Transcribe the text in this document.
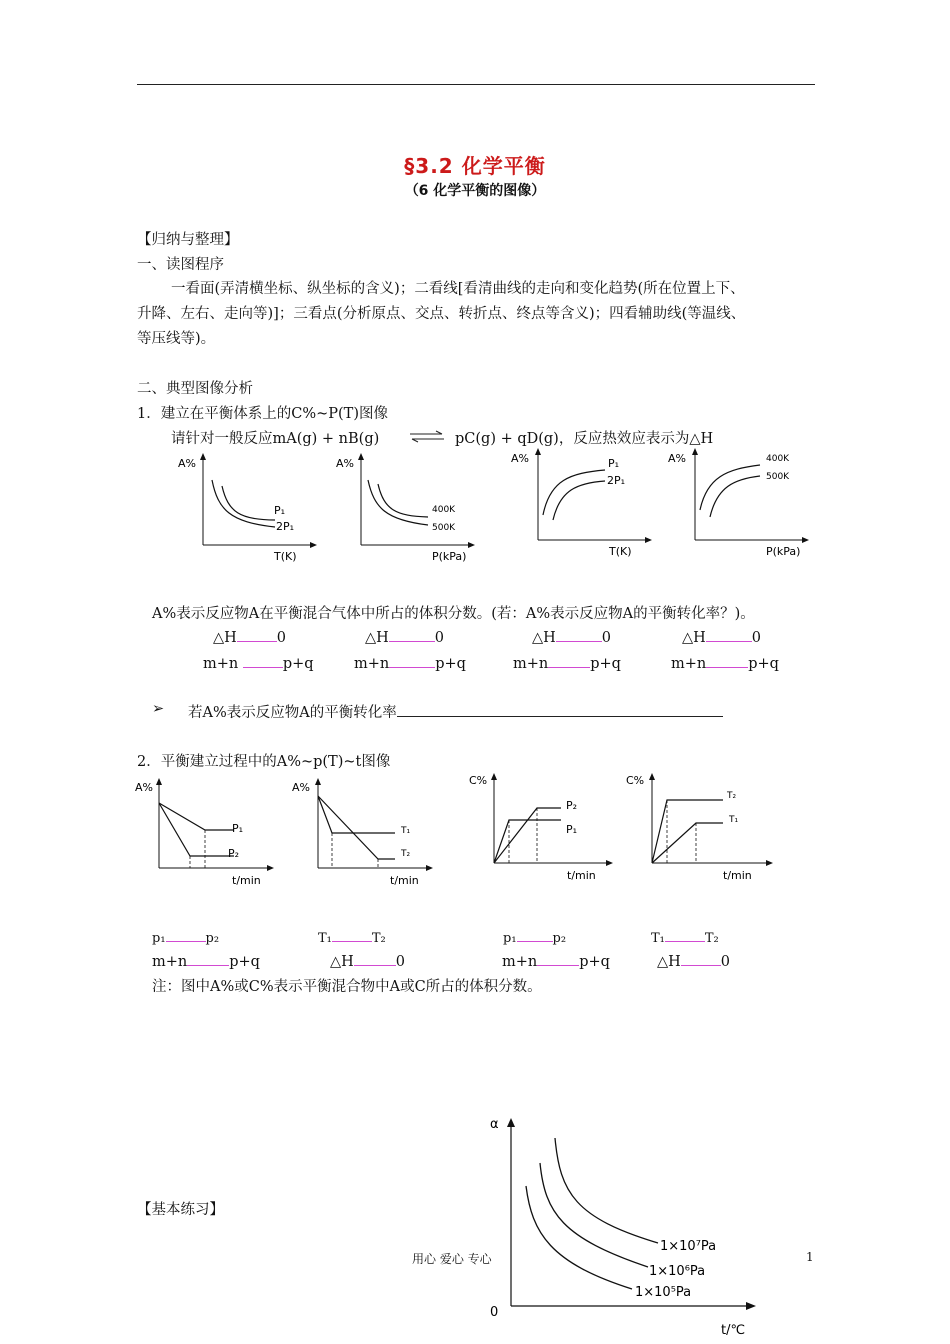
§3.2 化学平衡
（6 化学平衡的图像）
【归纳与整理】
一、读图程序
一看面(弄清横坐标、纵坐标的含义)；二看线[看清曲线的走向和变化趋势(所在位置上下、
升降、左右、走向等)]；三看点(分析原点、交点、转折点、终点等含义)；四看辅助线(等温线、
等压线等)。
二、典型图像分析
1．建立在平衡体系上的C%~P(T)图像
请针对一般反应mA(g) + nB(g) ⇌ pC(g) + qD(g)，反应热效应表示为△H
A%
T(K)
P₁
2P₁
A%
P(kPa)
400K
500K
A%
T(K)
P₁
2P₁
A%
P(kPa)
400K
500K
A%表示反应物A在平衡混合气体中所占的体积分数。(若：A%表示反应物A的平衡转化率？)。
△H	0	△H	0	△H	0	△H	0
m+n	p+q	m+n	p+q	m+n	p+q	m+n	p+q
➢ 若A%表示反应物A的平衡转化率
2．平衡建立过程中的A%~p(T)~t图像
A%
t/min
P₁
P₂
A%
t/min
T₁
T₂
C%
t/min
P₂
P₁
C%
t/min
T₂
T₁
p₁	p₂	T₁	T₂	p₁	p₂	T₁	T₂
m+n	p+q	△H	0	m+n	p+q	△H	0
注：图中A%或C%表示平衡混合物中A或C所占的体积分数。
【基本练习】
α
0
t/℃
1×10⁷Pa
1×10⁶Pa
1×10⁵Pa
用心 爱心 专心	1
